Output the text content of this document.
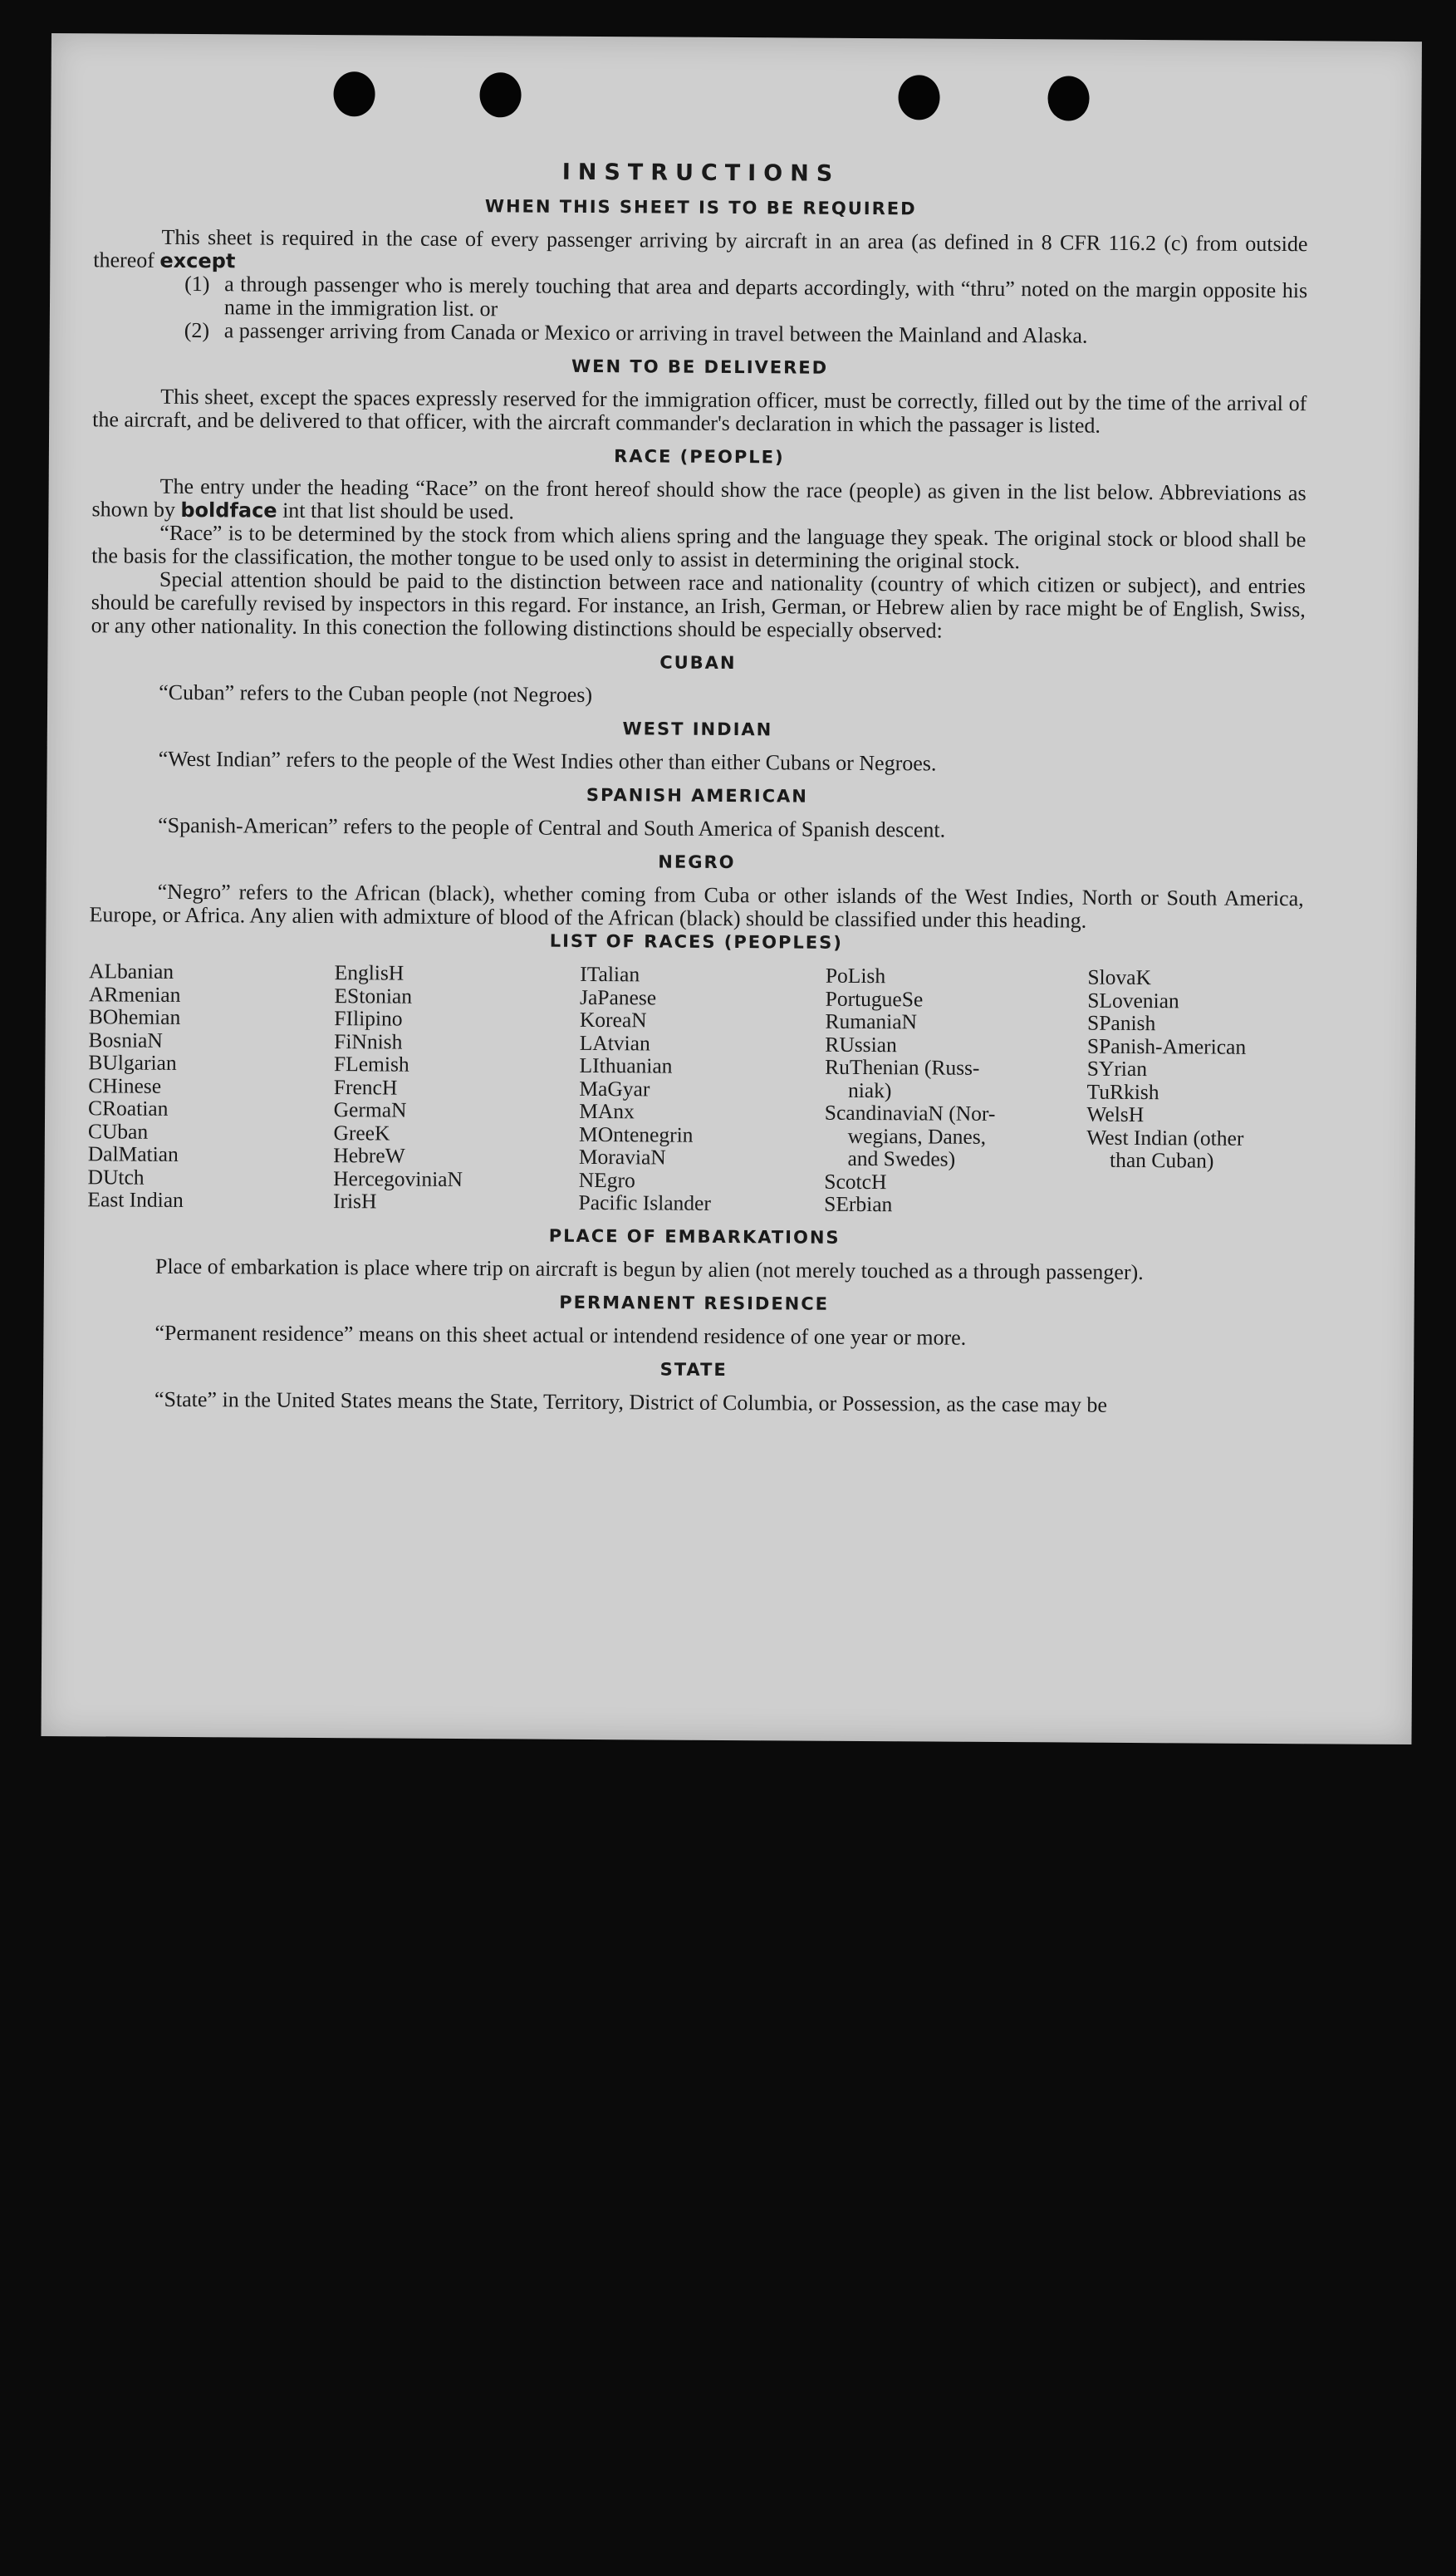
INSTRUCTIONS
WHEN THIS SHEET IS TO BE REQUIRED

This sheet is required in the case of every passenger arriving by aircraft in an area (as defined in 8 CFR 116.2 (c) from outside thereof except

(1) a through passenger who is merely touching that area and departs accordingly, with “thru” noted on the margin opposite his name in the immigration list. or
(2) a passenger arriving from Canada or Mexico or arriving in travel between the Mainland and Alaska.
WEN TO BE DELIVERED

This sheet, except the spaces expressly reserved for the immigration officer, must be correctly, filled out by the time of the arrival of the aircraft, and be delivered to that officer, with the aircraft commander's declaration in which the passager is listed.

RACE (PEOPLE)

The entry under the heading “Race” on the front hereof should show the race (people) as given in the list below. Abbreviations as shown by boldface int that list should be used.

“Race” is to be determined by the stock from which aliens spring and the language they speak. The original stock or blood shall be the basis for the classification, the mother tongue to be used only to assist in determining the original stock.

Special attention should be paid to the distinction between race and nationality (country of which citizen or subject), and entries should be carefully revised by inspectors in this regard. For instance, an Irish, German, or Hebrew alien by race might be of English, Swiss, or any other nationality. In this conection the following distinctions should be especially observed:

CUBAN

“Cuban” refers to the Cuban people (not Negroes)

WEST INDIAN

“West Indian” refers to the people of the West Indies other than either Cubans or Negroes.

SPANISH AMERICAN

“Spanish-American” refers to the people of Central and South America of Spanish descent.

NEGRO

“Negro” refers to the African (black), whether coming from Cuba or other islands of the West Indies, North or South America, Europe, or Africa. Any alien with admixture of blood of the African (black) should be classified under this heading.

LIST OF RACES (PEOPLES)
ALbanian
ARmenian
BOhemian
BosniaN
BUlgarian
CHinese
CRoatian
CUban
DalMatian
DUtch
East Indian
EnglisH
EStonian
FIlipino
FiNnish
FLemish
FrencH
GermaN
GreeK
HebreW
HercegoviniaN
IrisH
ITalian
JaPanese
KoreaN
LAtvian
LIthuanian
MaGyar
MAnx
MOntenegrin
MoraviaN
NEgro
Pacific Islander
PoLish
PortugueSe
RumaniaN
RUssian
RuThenian (Russ-
niak)
ScandinaviaN (Nor-
wegians, Danes,
and Swedes)
ScotcH
SErbian
SlovaK
SLovenian
SPanish
SPanish-American
SYrian
TuRkish
WelsH
West Indian (other
than Cuban)
PLACE OF EMBARKATIONS

Place of embarkation is place where trip on aircraft is begun by alien (not merely touched as a through passenger).

PERMANENT RESIDENCE

“Permanent residence” means on this sheet actual or intendend residence of one year or more.

STATE

“State” in the United States means the State, Territory, District of Columbia, or Possession, as the case may be
